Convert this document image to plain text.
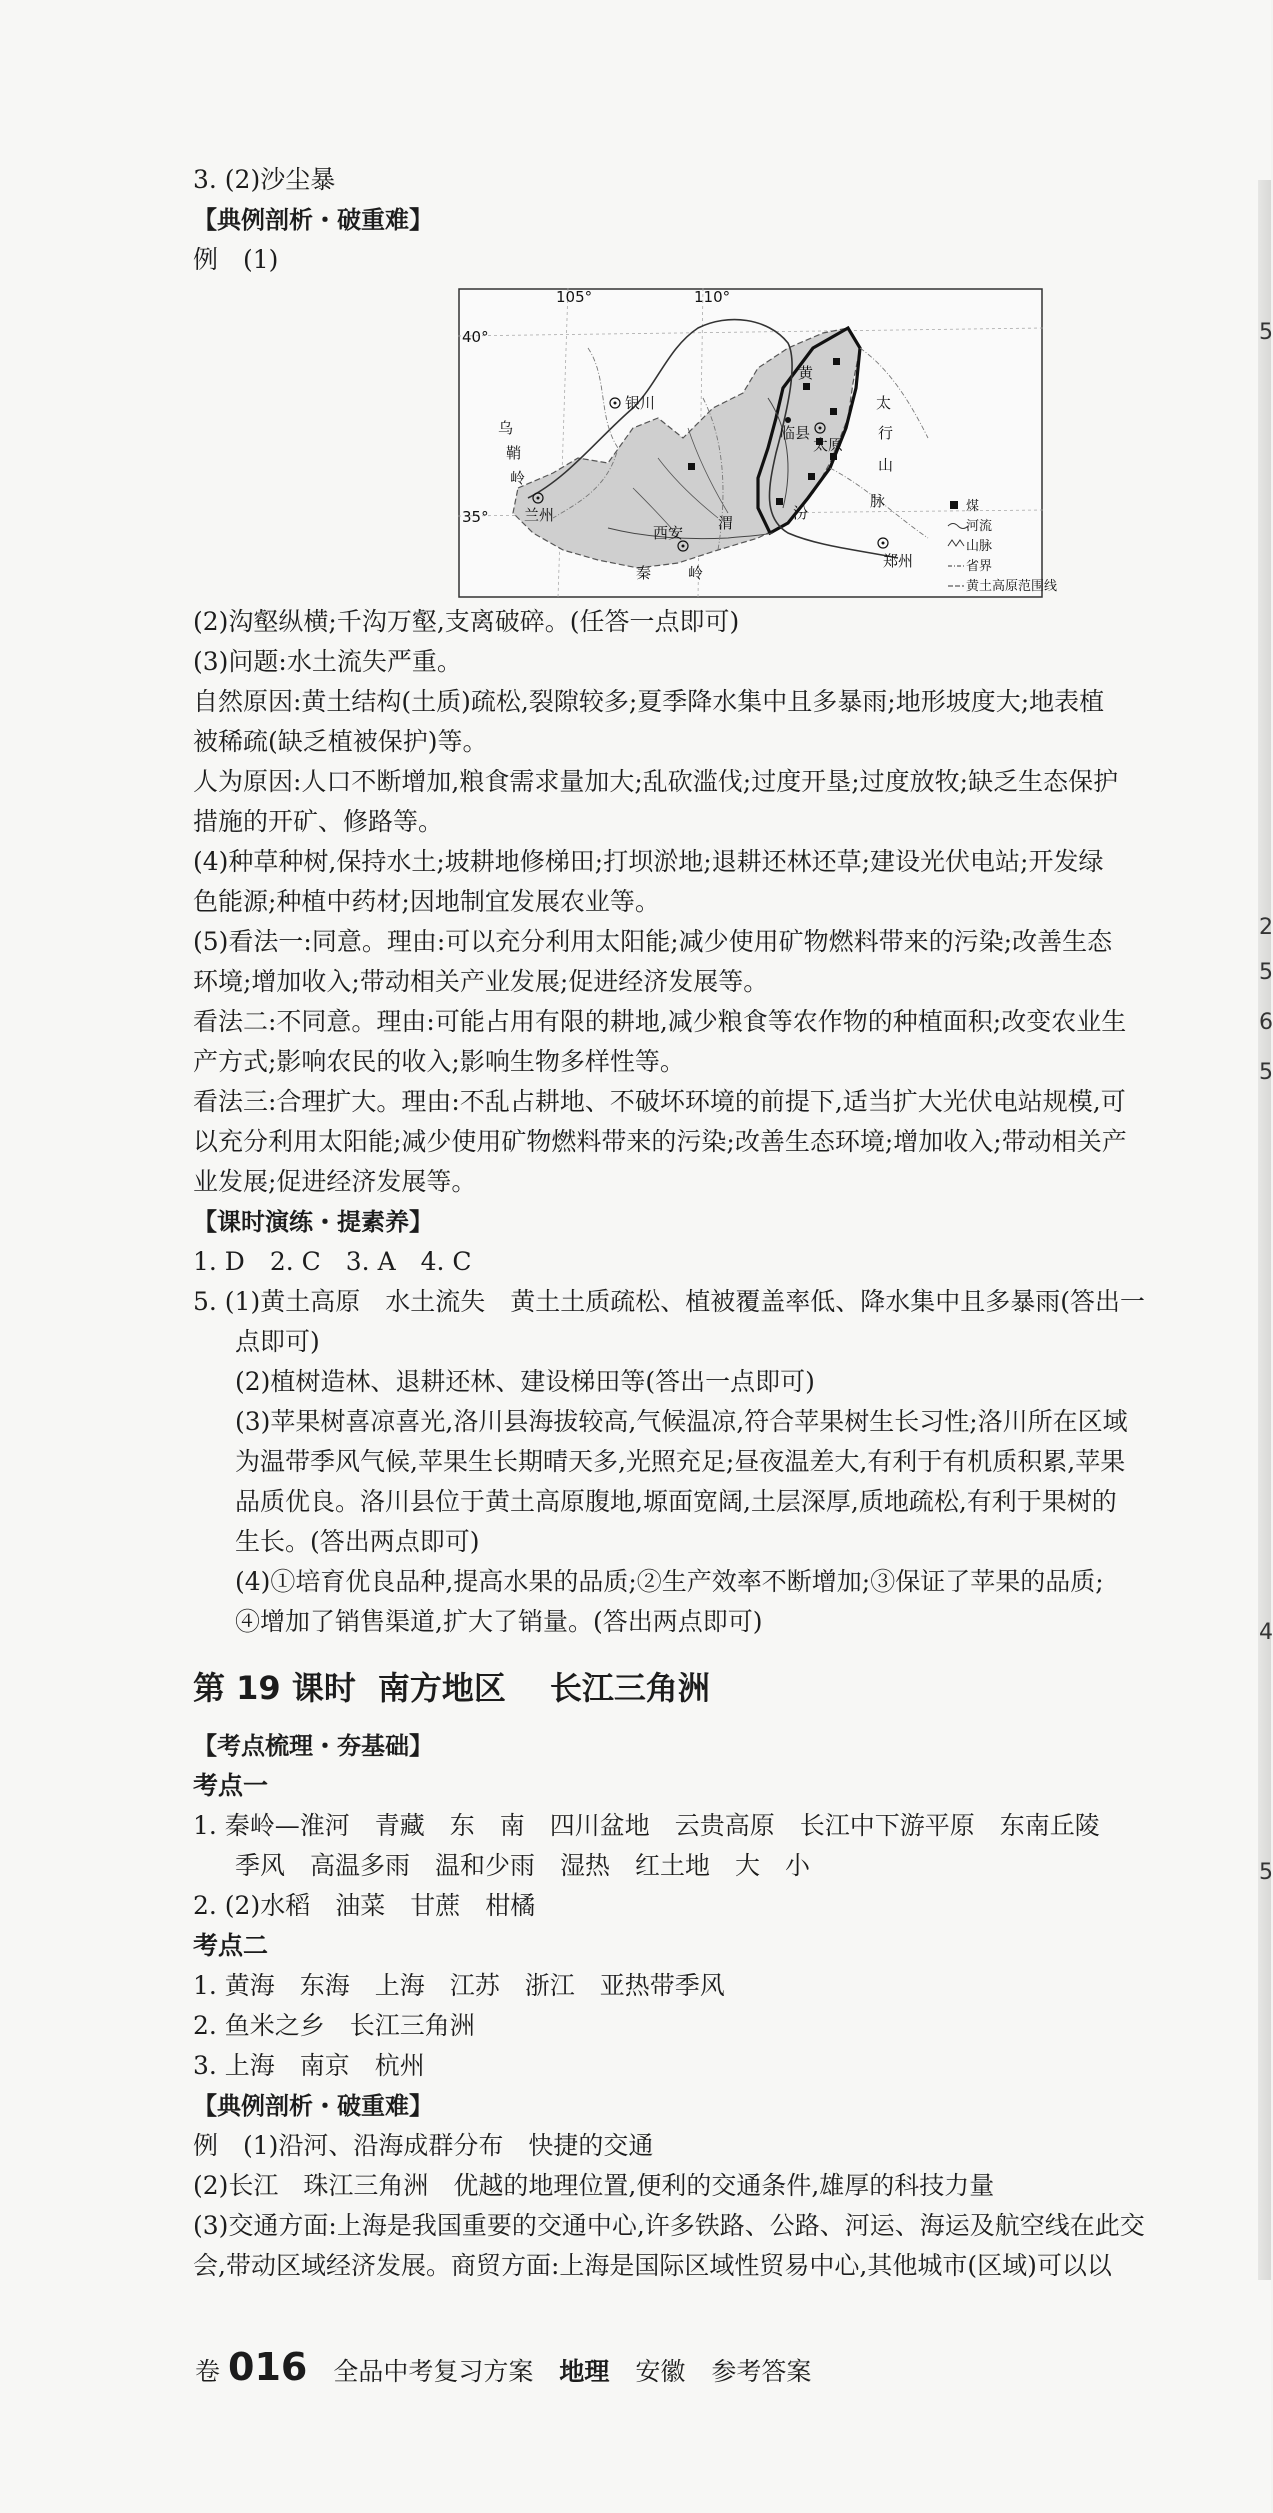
3. (2)沙尘暴

【典例剖析・破重难】

例　(1)

105°	110°
40°
35°
银川
兰州
西安
太原
郑州
临县
乌
鞘
岭
太
行
山
脉
秦 岭
汾
黄
渭
煤
河流
山脉
省界
黄土高原范围线

(2)沟壑纵横;千沟万壑,支离破碎。(任答一点即可)

(3)问题:水土流失严重。

自然原因:黄土结构(土质)疏松,裂隙较多;夏季降水集中且多暴雨;地形坡度大;地表植

被稀疏(缺乏植被保护)等。

人为原因:人口不断增加,粮食需求量加大;乱砍滥伐;过度开垦;过度放牧;缺乏生态保护

措施的开矿、修路等。

(4)种草种树,保持水土;坡耕地修梯田;打坝淤地;退耕还林还草;建设光伏电站;开发绿

色能源;种植中药材;因地制宜发展农业等。

(5)看法一:同意。理由:可以充分利用太阳能;减少使用矿物燃料带来的污染;改善生态

环境;增加收入;带动相关产业发展;促进经济发展等。

看法二:不同意。理由:可能占用有限的耕地,减少粮食等农作物的种植面积;改变农业生

产方式;影响农民的收入;影响生物多样性等。

看法三:合理扩大。理由:不乱占耕地、不破坏环境的前提下,适当扩大光伏电站规模,可

以充分利用太阳能;减少使用矿物燃料带来的污染;改善生态环境;增加收入;带动相关产

业发展;促进经济发展等。

【课时演练・提素养】

1. D　2. C　3. A　4. C

5. (1)黄土高原　水土流失　黄土土质疏松、植被覆盖率低、降水集中且多暴雨(答出一

点即可)

(2)植树造林、退耕还林、建设梯田等(答出一点即可)

(3)苹果树喜凉喜光,洛川县海拔较高,气候温凉,符合苹果树生长习性;洛川所在区域

为温带季风气候,苹果生长期晴天多,光照充足;昼夜温差大,有利于有机质积累,苹果

品质优良。洛川县位于黄土高原腹地,塬面宽阔,土层深厚,质地疏松,有利于果树的

生长。(答出两点即可)

(4)①培育优良品种,提高水果的品质;②生产效率不断增加;③保证了苹果的品质;

④增加了销售渠道,扩大了销量。(答出两点即可)

第 19 课时 南方地区 长江三角洲

【考点梳理・夯基础】

考点一

1. 秦岭—淮河　青藏　东　南　四川盆地　云贵高原　长江中下游平原　东南丘陵

季风　高温多雨　温和少雨　湿热　红土地　大　小

2. (2)水稻　油菜　甘蔗　柑橘

考点二

1. 黄海　东海　上海　江苏　浙江　亚热带季风

2. 鱼米之乡　长江三角洲

3. 上海　南京　杭州

【典例剖析・破重难】

例　(1)沿河、沿海成群分布　快捷的交通

(2)长江　珠江三角洲　优越的地理位置,便利的交通条件,雄厚的科技力量

(3)交通方面:上海是我国重要的交通中心,许多铁路、公路、河运、海运及航空线在此交

会,带动区域经济发展。商贸方面:上海是国际区域性贸易中心,其他城市(区域)可以以

卷 016 全品中考复习方案 地理 安徽 参考答案
5
2
5
6
5
4
5
